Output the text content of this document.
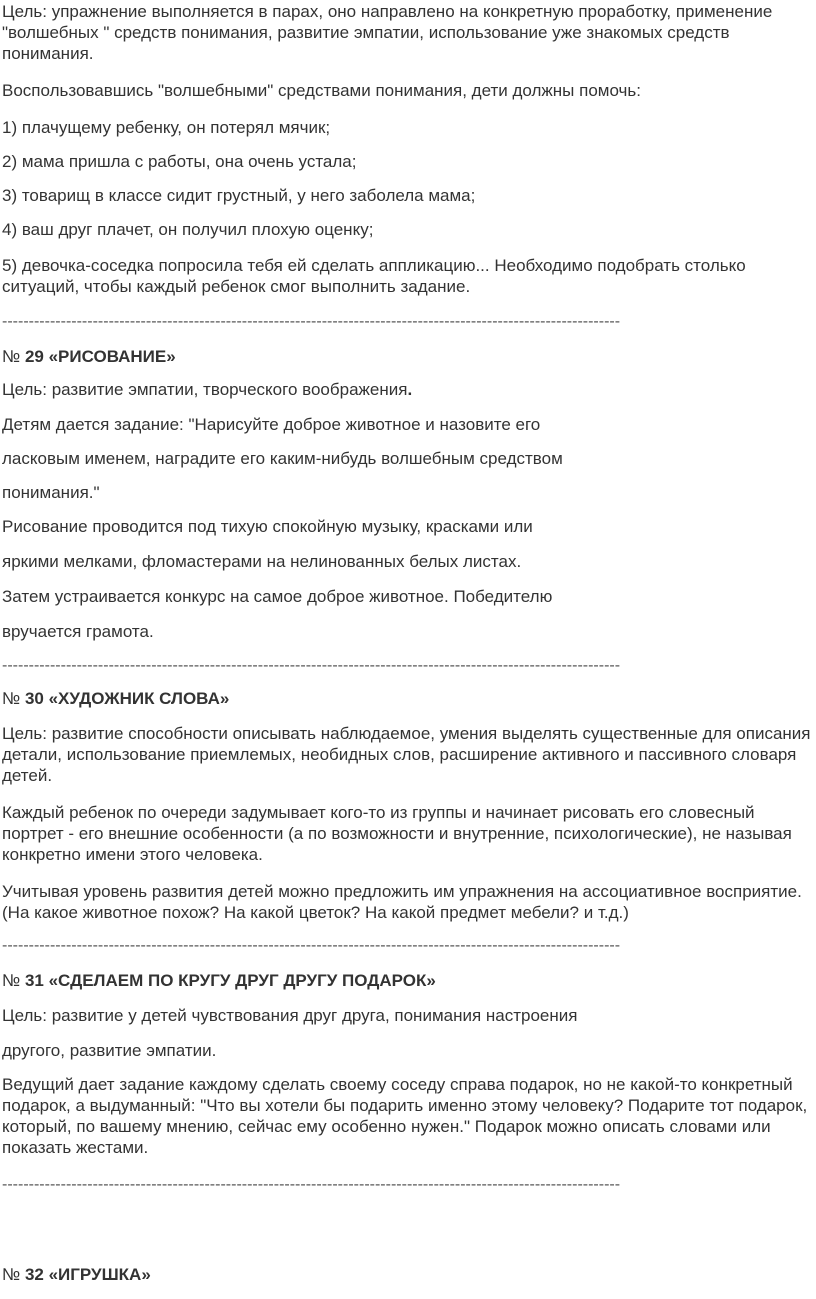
Цель: упражнение выполняется в парах, оно направлено на конкретную проработку, применение "волшебных " средств понимания, развитие эмпатии, использование уже знакомых средств понимания.

Воспользовавшись "волшебными" средствами понимания, дети должны помочь:

1) плачущему ребенку, он потерял мячик;

2) мама пришла с работы, она очень устала;

3) товарищ в классе сидит грустный, у него заболела мама;

4) ваш друг плачет, он получил плохую оценку;

5) девочка-соседка попросила тебя ей сделать аппликацию... Необходимо подобрать столько ситуаций, чтобы каждый ребенок смог выполнить задание.

--------------------------------------------------------------------------------------------------------------------

№ 29 «РИСОВАНИЕ»

Цель: развитие эмпатии, творческого воображения.

Детям дается задание: "Нарисуйте доброе животное и назовите его

ласковым именем, наградите его каким-нибудь волшебным средством

понимания."

Рисование проводится под тихую спокойную музыку, красками или

яркими мелками, фломастерами на нелинованных белых листах.

Затем устраивается конкурс на самое доброе животное. Победителю

вручается грамота.

--------------------------------------------------------------------------------------------------------------------

№ 30 «ХУДОЖНИК СЛОВА»

Цель: развитие способности описывать наблюдаемое, умения выделять существенные для описания детали, использование приемлемых, необидных слов, расширение активного и пассивного словаря детей.

Каждый ребенок по очереди задумывает кого-то из группы и начинает рисовать его словесный портрет - его внешние особенности (а по возможности и внутренние, психологические), не называя конкретно имени этого человека.

Учитывая уровень развития детей можно предложить им упражнения на ассоциативное восприятие. (На какое животное похож? На какой цветок? На какой предмет мебели? и т.д.)

--------------------------------------------------------------------------------------------------------------------

№ 31 «СДЕЛАЕМ ПО КРУГУ ДРУГ ДРУГУ ПОДАРОК»

Цель: развитие у детей чувствования друг друга, понимания настроения

другого, развитие эмпатии.

Ведущий дает задание каждому сделать своему соседу справа подарок, но не какой-то конкретный подарок, а выдуманный: "Что вы хотели бы подарить именно этому человеку? Подарите тот подарок, который, по вашему мнению, сейчас ему особенно нужен." Подарок можно описать словами или показать жестами.

--------------------------------------------------------------------------------------------------------------------

№ 32 «ИГРУШКА»
